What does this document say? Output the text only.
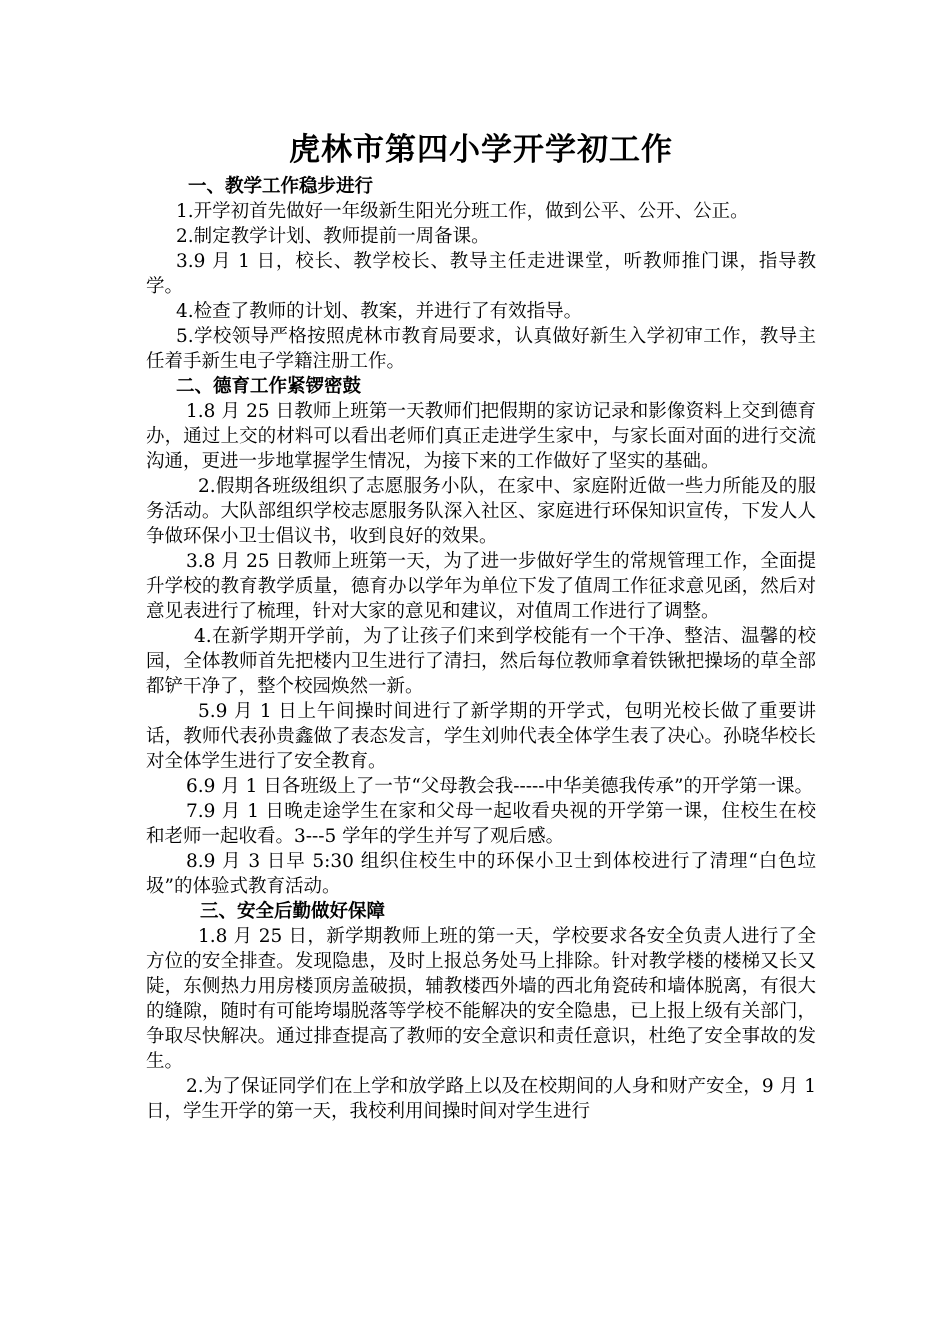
虎林市第四小学开学初工作
一、教学工作稳步进行

1.开学初首先做好一年级新生阳光分班工作，做到公平、公开、公正。

2.制定教学计划、教师提前一周备课。

3.9 月 1 日，校长、教学校长、教导主任走进课堂，听教师推门课，指导教学。

4.检查了教师的计划、教案，并进行了有效指导。

5.学校领导严格按照虎林市教育局要求，认真做好新生入学初审工作，教导主任着手新生电子学籍注册工作。

二、德育工作紧锣密鼓

1.8 月 25 日教师上班第一天教师们把假期的家访记录和影像资料上交到德育办，通过上交的材料可以看出老师们真正走进学生家中，与家长面对面的进行交流沟通，更进一步地掌握学生情况，为接下来的工作做好了坚实的基础。

2.假期各班级组织了志愿服务小队，在家中、家庭附近做一些力所能及的服务活动。大队部组织学校志愿服务队深入社区、家庭进行环保知识宣传，下发人人争做环保小卫士倡议书，收到良好的效果。

3.8 月 25 日教师上班第一天，为了进一步做好学生的常规管理工作，全面提升学校的教育教学质量，德育办以学年为单位下发了值周工作征求意见函，然后对意见表进行了梳理，针对大家的意见和建议，对值周工作进行了调整。

4.在新学期开学前，为了让孩子们来到学校能有一个干净、整洁、温馨的校园，全体教师首先把楼内卫生进行了清扫，然后每位教师拿着铁锹把操场的草全部都铲干净了，整个校园焕然一新。

5.9 月 1 日上午间操时间进行了新学期的开学式，包明光校长做了重要讲话，教师代表孙贵鑫做了表态发言，学生刘帅代表全体学生表了决心。孙晓华校长对全体学生进行了安全教育。

6.9 月 1 日各班级上了一节“父母教会我-----中华美德我传承”的开学第一课。

7.9 月 1 日晚走途学生在家和父母一起收看央视的开学第一课，住校生在校和老师一起收看。3---5 学年的学生并写了观后感。

8.9 月 3 日早 5:30 组织住校生中的环保小卫士到体校进行了清理“白色垃圾”的体验式教育活动。

三、安全后勤做好保障

1.8 月 25 日，新学期教师上班的第一天，学校要求各安全负责人进行了全方位的安全排查。发现隐患，及时上报总务处马上排除。针对教学楼的楼梯又长又陡，东侧热力用房楼顶房盖破损，辅教楼西外墙的西北角瓷砖和墙体脱离，有很大的缝隙，随时有可能垮塌脱落等学校不能解决的安全隐患，已上报上级有关部门，争取尽快解决。通过排查提高了教师的安全意识和责任意识，杜绝了安全事故的发生。

2.为了保证同学们在上学和放学路上以及在校期间的人身和财产安全，9 月 1 日，学生开学的第一天，我校利用间操时间对学生进行
